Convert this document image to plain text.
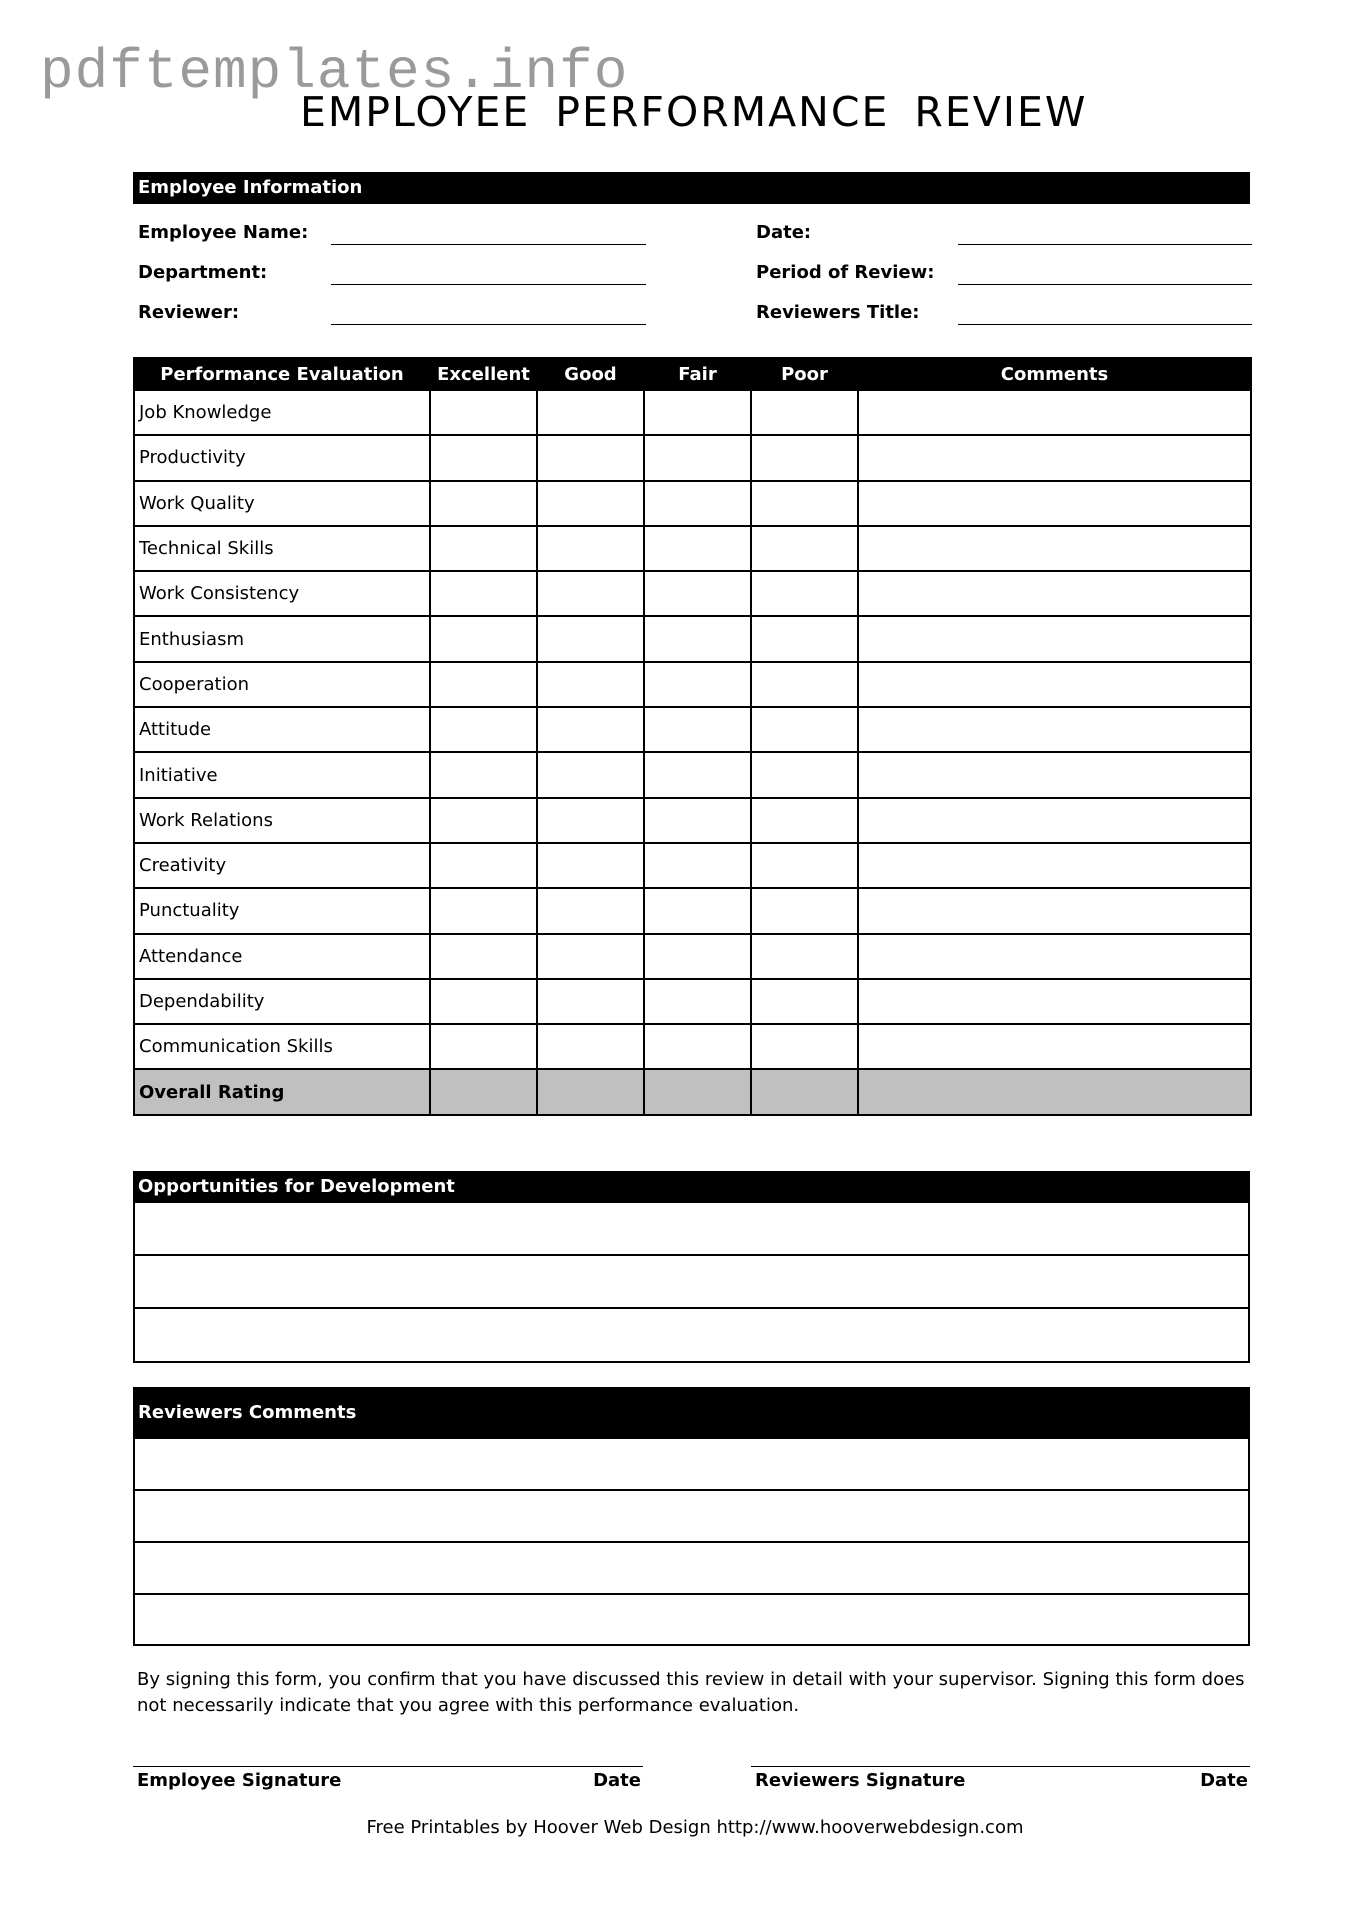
pdftemplates.info
EMPLOYEE PERFORMANCE REVIEW
Employee Information
Employee Name:
Department:
Reviewer:
Date:
Period of Review:
Reviewers Title:
Performance Evaluation	Excellent	Good	Fair	Poor	Comments
Job Knowledge					
Productivity					
Work Quality					
Technical Skills					
Work Consistency					
Enthusiasm					
Cooperation					
Attitude					
Initiative					
Work Relations					
Creativity					
Punctuality					
Attendance					
Dependability					
Communication Skills					
Overall Rating					
Opportunities for Development
Reviewers Comments
By signing this form, you confirm that you have discussed this review in detail with your supervisor. Signing this form does not necessarily indicate that you agree with this performance evaluation.
Employee Signature	Date	Reviewers Signature	Date
Free Printables by Hoover Web Design http://www.hooverwebdesign.com
